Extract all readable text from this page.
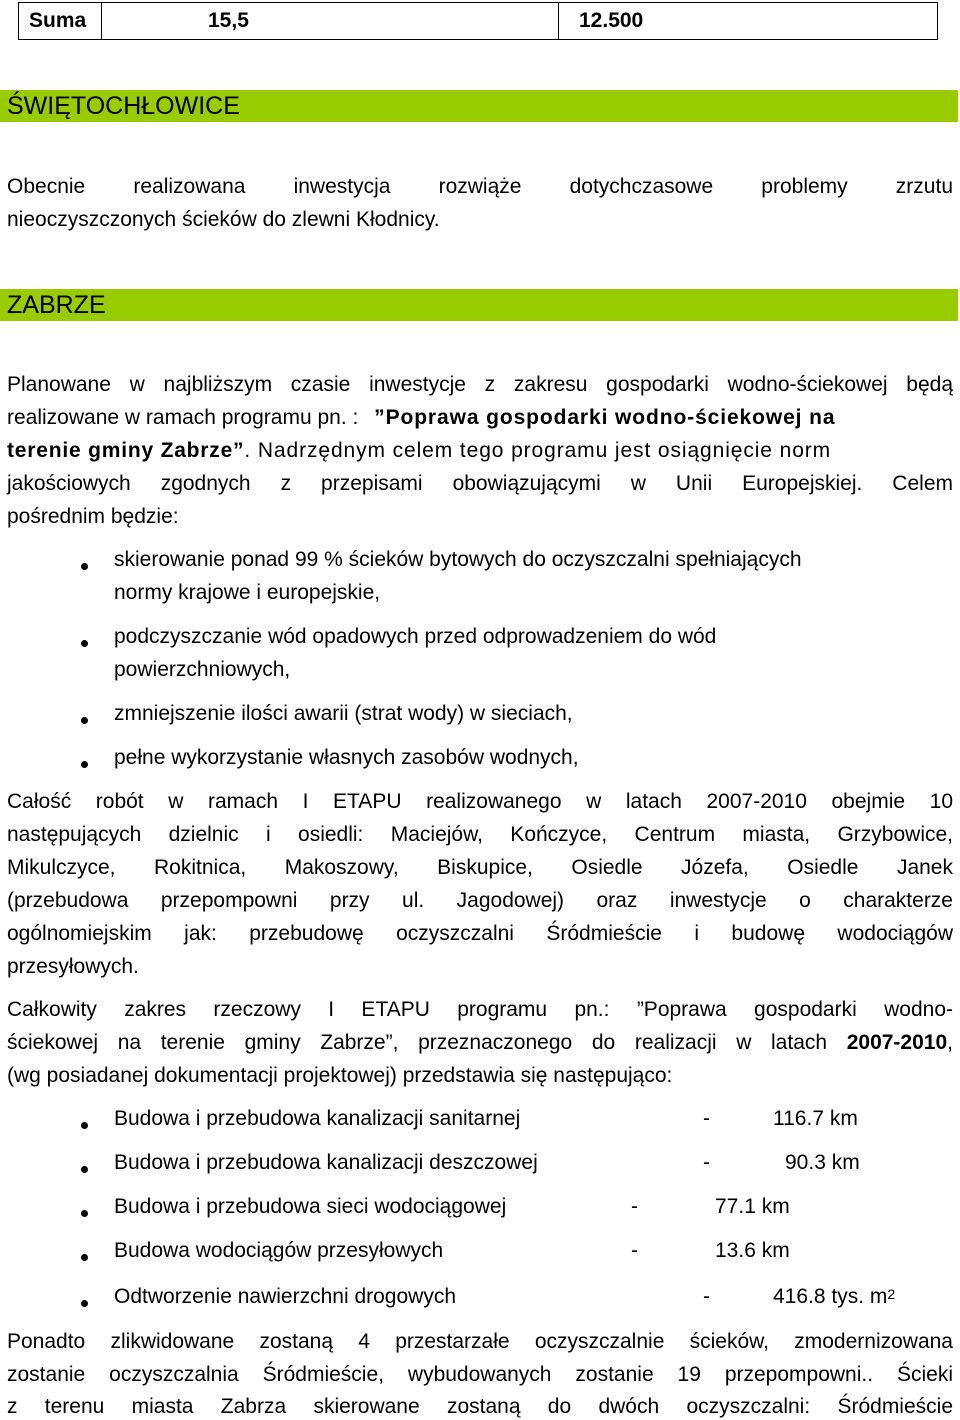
Suma	15,5	12.500
ŚWIĘTOCHŁOWICE
Obecnie realizowana inwestycja rozwiąże dotychczasowe problemy zrzutu
nieoczyszczonych ścieków do zlewni Kłodnicy.
ZABRZE
Planowane w najbliższym czasie inwestycje z zakresu gospodarki wodno-ściekowej będą
realizowane w ramach programu pn. : ”Poprawa gospodarki wodno-ściekowej na
terenie gminy Zabrze”. Nadrzędnym celem tego programu jest osiągnięcie norm
jakościowych zgodnych z przepisami obowiązującymi w Unii Europejskiej. Celem
pośrednim będzie:
skierowanie ponad 99 % ścieków bytowych do oczyszczalni spełniających
normy krajowe i europejskie,
podczyszczanie wód opadowych przed odprowadzeniem do wód
powierzchniowych,
zmniejszenie ilości awarii (strat wody) w sieciach,
pełne wykorzystanie własnych zasobów wodnych,
Całość robót w ramach I ETAPU realizowanego w latach 2007-2010 obejmie 10
następujących dzielnic i osiedli: Maciejów, Kończyce, Centrum miasta, Grzybowice,
Mikulczyce, Rokitnica, Makoszowy, Biskupice, Osiedle Józefa, Osiedle Janek
(przebudowa przepompowni przy ul. Jagodowej) oraz inwestycje o charakterze
ogólnomiejskim jak: przebudowę oczyszczalni Śródmieście i budowę wodociągów
przesyłowych.
Całkowity zakres rzeczowy I ETAPU programu pn.: ”Poprawa gospodarki wodno-
ściekowej na terenie gminy Zabrze”, przeznaczonego do realizacji w latach 2007-2010,
(wg posiadanej dokumentacji projektowej) przedstawia się następująco:
Budowa i przebudowa kanalizacji sanitarnej	-	116.7 km
Budowa i przebudowa kanalizacji deszczowej	-	90.3 km
Budowa i przebudowa sieci wodociągowej	-	77.1 km
Budowa wodociągów przesyłowych	-	13.6 km
Odtworzenie nawierzchni drogowych	-	416.8 tys. $m^2$
Ponadto zlikwidowane zostaną 4 przestarzałe oczyszczalnie ścieków, zmodernizowana
zostanie oczyszczalnia Śródmieście, wybudowanych zostanie 19 przepompowni.. Ścieki
z terenu miasta Zabrza skierowane zostaną do dwóch oczyszczalni: Śródmieście
